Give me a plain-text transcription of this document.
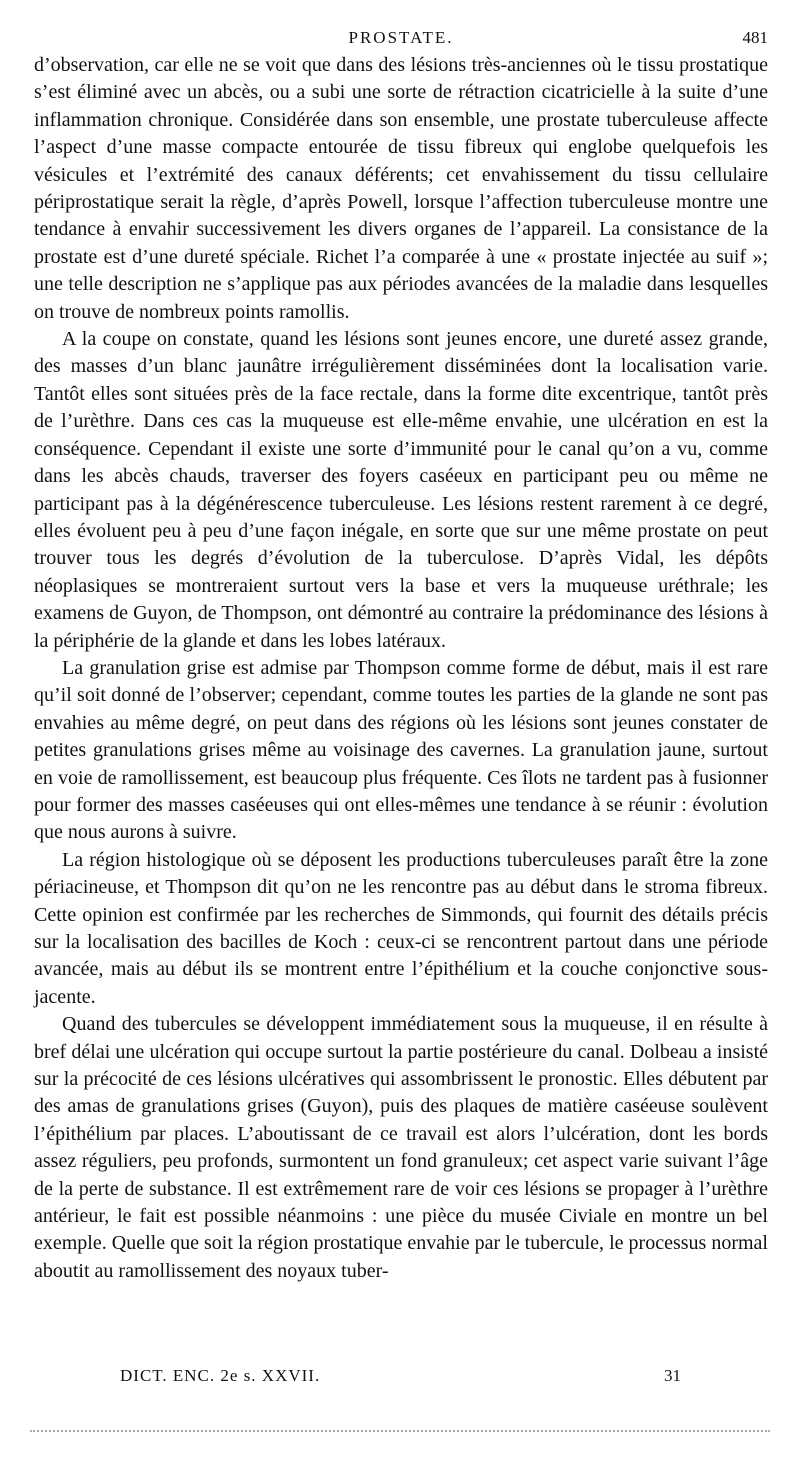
PROSTATE.	481

d’observation, car elle ne se voit que dans des lésions très-anciennes où le tissu prostatique s’est éliminé avec un abcès, ou a subi une sorte de rétraction cicatricielle à la suite d’une inflammation chronique. Considérée dans son ensemble, une prostate tuberculeuse affecte l’aspect d’une masse compacte entourée de tissu fibreux qui englobe quelquefois les vésicules et l’extrémité des canaux déférents; cet envahissement du tissu cellulaire périprostatique serait la règle, d’après Powell, lorsque l’affection tuberculeuse montre une tendance à envahir successivement les divers organes de l’appareil. La consistance de la prostate est d’une dureté spéciale. Richet l’a comparée à une « prostate injectée au suif »; une telle description ne s’applique pas aux périodes avancées de la maladie dans lesquelles on trouve de nombreux points ramollis.

A la coupe on constate, quand les lésions sont jeunes encore, une dureté assez grande, des masses d’un blanc jaunâtre irrégulièrement disséminées dont la localisation varie. Tantôt elles sont situées près de la face rectale, dans la forme dite excentrique, tantôt près de l’urèthre. Dans ces cas la muqueuse est elle-même envahie, une ulcération en est la conséquence. Cependant il existe une sorte d’immunité pour le canal qu’on a vu, comme dans les abcès chauds, traverser des foyers caséeux en participant peu ou même ne participant pas à la dégénérescence tuberculeuse. Les lésions restent rarement à ce degré, elles évoluent peu à peu d’une façon inégale, en sorte que sur une même prostate on peut trouver tous les degrés d’évolution de la tuberculose. D’après Vidal, les dépôts néoplasiques se montreraient surtout vers la base et vers la muqueuse uréthrale; les examens de Guyon, de Thompson, ont démontré au contraire la prédominance des lésions à la périphérie de la glande et dans les lobes latéraux.

La granulation grise est admise par Thompson comme forme de début, mais il est rare qu’il soit donné de l’observer; cependant, comme toutes les parties de la glande ne sont pas envahies au même degré, on peut dans des régions où les lésions sont jeunes constater de petites granulations grises même au voisinage des cavernes. La granulation jaune, surtout en voie de ramollissement, est beaucoup plus fréquente. Ces îlots ne tardent pas à fusionner pour former des masses caséeuses qui ont elles-mêmes une tendance à se réunir : évolution que nous aurons à suivre.

La région histologique où se déposent les productions tuberculeuses paraît être la zone périacineuse, et Thompson dit qu’on ne les rencontre pas au début dans le stroma fibreux. Cette opinion est confirmée par les recherches de Simmonds, qui fournit des détails précis sur la localisation des bacilles de Koch : ceux-ci se rencontrent partout dans une période avancée, mais au début ils se montrent entre l’épithélium et la couche conjonctive sous-jacente.

Quand des tubercules se développent immédiatement sous la muqueuse, il en résulte à bref délai une ulcération qui occupe surtout la partie postérieure du canal. Dolbeau a insisté sur la précocité de ces lésions ulcératives qui assombrissent le pronostic. Elles débutent par des amas de granulations grises (Guyon), puis des plaques de matière caséeuse soulèvent l’épithélium par places. L’aboutissant de ce travail est alors l’ulcération, dont les bords assez réguliers, peu profonds, surmontent un fond granuleux; cet aspect varie suivant l’âge de la perte de substance. Il est extrêmement rare de voir ces lésions se propager à l’urèthre antérieur, le fait est possible néanmoins : une pièce du musée Civiale en montre un bel exemple. Quelle que soit la région prostatique envahie par le tubercule, le processus normal aboutit au ramollissement des noyaux tuber-

DICT. ENC. 2e s. XXVII.	31
